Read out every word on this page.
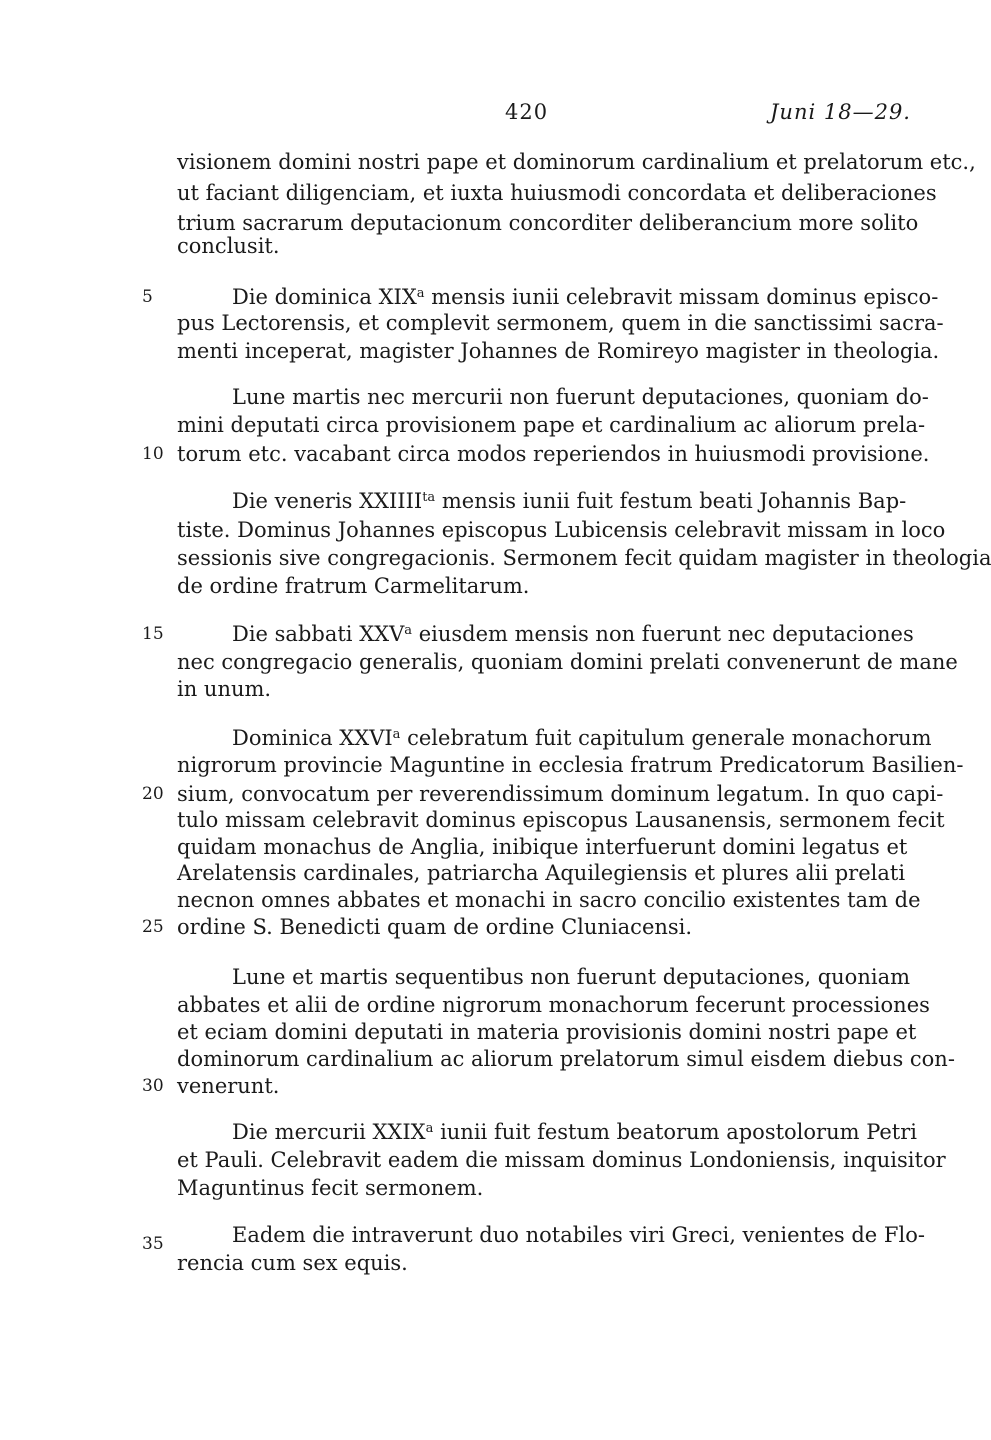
420	Juni 18—29.
5
10
15
20
25
30
35
visionem domini nostri pape et dominorum cardinalium et prelatorum etc.,
ut faciant diligenciam, et iuxta huiusmodi concordata et deliberaciones
trium sacrarum deputacionum concorditer deliberancium more solito
conclusit.
Die dominica XIX$^a$ mensis iunii celebravit missam dominus episco-
pus Lectorensis, et complevit sermonem, quem in die sanctissimi sacra-
menti inceperat, magister Johannes de Romireyo magister in theologia.
Lune martis nec mercurii non fuerunt deputaciones, quoniam do-
mini deputati circa provisionem pape et cardinalium ac aliorum prela-
torum etc. vacabant circa modos reperiendos in huiusmodi provisione.
Die veneris $XXIIII^{ta}$ mensis iunii fuit festum beati Johannis Bap-
tiste. Dominus Johannes episcopus Lubicensis celebravit missam in loco
sessionis sive congregacionis. Sermonem fecit quidam magister in theologia
de ordine fratrum Carmelitarum.
Die sabbati XXV$^a$ eiusdem mensis non fuerunt nec deputaciones
nec congregacio generalis, quoniam domini prelati convenerunt de mane
in unum.
Dominica XXVI$^a$ celebratum fuit capitulum generale monachorum
nigrorum provincie Maguntine in ecclesia fratrum Predicatorum Basilien-
sium, convocatum per reverendissimum dominum legatum. In quo capi-
tulo missam celebravit dominus episcopus Lausanensis, sermonem fecit
quidam monachus de Anglia, inibique interfuerunt domini legatus et
Arelatensis cardinales, patriarcha Aquilegiensis et plures alii prelati
necnon omnes abbates et monachi in sacro concilio existentes tam de
ordine S. Benedicti quam de ordine Cluniacensi.
Lune et martis sequentibus non fuerunt deputaciones, quoniam
abbates et alii de ordine nigrorum monachorum fecerunt processiones
et eciam domini deputati in materia provisionis domini nostri pape et
dominorum cardinalium ac aliorum prelatorum simul eisdem diebus con-
venerunt.
Die mercurii XXIX$^a$ iunii fuit festum beatorum apostolorum Petri
et Pauli. Celebravit eadem die missam dominus Londoniensis, inquisitor
Maguntinus fecit sermonem.
Eadem die intraverunt duo notabiles viri Greci, venientes de Flo-
rencia cum sex equis.
